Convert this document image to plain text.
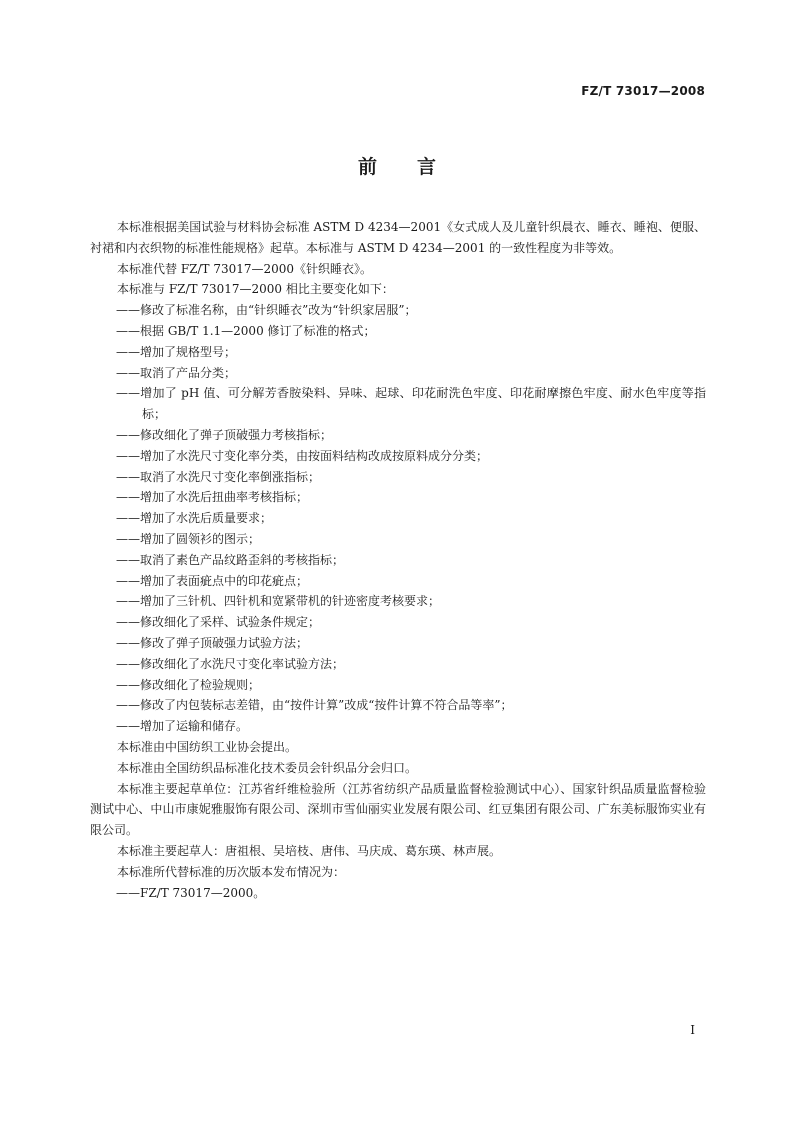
FZ/T 73017—2008
前言

本标准根据美国试验与材料协会标准 ASTM D 4234—2001《女式成人及儿童针织晨衣、睡衣、睡袍、便服、衬裙和内衣织物的标准性能规格》起草。本标准与 ASTM D 4234—2001 的一致性程度为非等效。

本标准代替 FZ/T 73017—2000《针织睡衣》。

本标准与 FZ/T 73017—2000 相比主要变化如下：

——修改了标准名称，由“针织睡衣”改为“针织家居服”；

——根据 GB/T 1.1—2000 修订了标准的格式；

——增加了规格型号；

——取消了产品分类；

——增加了 pH 值、可分解芳香胺染料、异味、起球、印花耐洗色牢度、印花耐摩擦色牢度、耐水色牢度等指标；

——修改细化了弹子顶破强力考核指标；

——增加了水洗尺寸变化率分类，由按面料结构改成按原料成分分类；

——取消了水洗尺寸变化率倒涨指标；

——增加了水洗后扭曲率考核指标；

——增加了水洗后质量要求；

——增加了圆领衫的图示；

——取消了素色产品纹路歪斜的考核指标；

——增加了表面疵点中的印花疵点；

——增加了三针机、四针机和宽紧带机的针迹密度考核要求；

——修改细化了采样、试验条件规定；

——修改了弹子顶破强力试验方法；

——修改细化了水洗尺寸变化率试验方法；

——修改细化了检验规则；

——修改了内包装标志差错，由“按件计算”改成“按件计算不符合品等率”；

——增加了运输和储存。

本标准由中国纺织工业协会提出。

本标准由全国纺织品标准化技术委员会针织品分会归口。

本标准主要起草单位：江苏省纤维检验所（江苏省纺织产品质量监督检验测试中心）、国家针织品质量监督检验测试中心、中山市康妮雅服饰有限公司、深圳市雪仙丽实业发展有限公司、红豆集团有限公司、广东美标服饰实业有限公司。

本标准主要起草人：唐祖根、吴培枝、唐伟、马庆成、葛东瑛、林声展。

本标准所代替标准的历次版本发布情况为：

——FZ/T 73017—2000。

I
